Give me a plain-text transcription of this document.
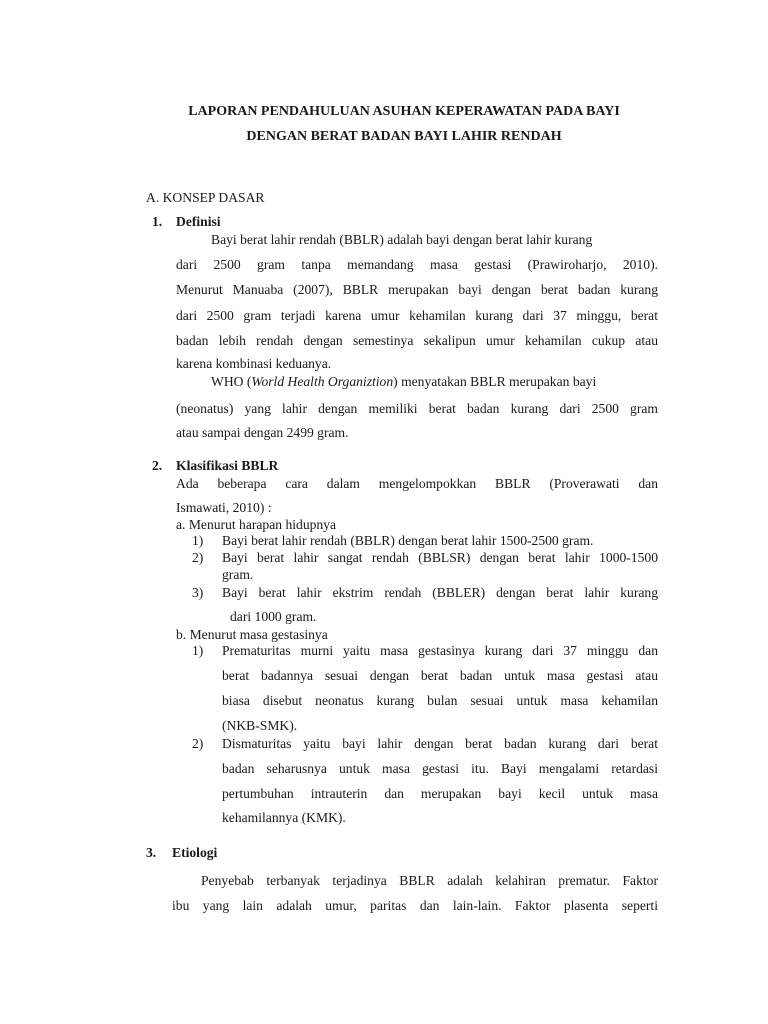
LAPORAN PENDAHULUAN ASUHAN KEPERAWATAN PADA BAYI
DENGAN BERAT BADAN BAYI LAHIR RENDAH
A. KONSEP DASAR
1. Definisi
Bayi berat lahir rendah (BBLR) adalah bayi dengan berat lahir kurang
dari 2500 gram tanpa memandang masa gestasi (Prawiroharjo, 2010).
Menurut Manuaba (2007), BBLR merupakan bayi dengan berat badan kurang
dari 2500 gram terjadi karena umur kehamilan kurang dari 37 minggu, berat
badan lebih rendah dengan semestinya sekalipun umur kehamilan cukup atau
karena kombinasi keduanya.
WHO (World Health Organiztion) menyatakan BBLR merupakan bayi
(neonatus) yang lahir dengan memiliki berat badan kurang dari 2500 gram
atau sampai dengan 2499 gram.
2. Klasifikasi BBLR
Ada beberapa cara dalam mengelompokkan BBLR (Proverawati dan
Ismawati, 2010) :
a. Menurut harapan hidupnya
1) Bayi berat lahir rendah (BBLR) dengan berat lahir 1500-2500 gram.
2) Bayi berat lahir sangat rendah (BBLSR) dengan berat lahir 1000-1500
gram.
3) Bayi berat lahir ekstrim rendah (BBLER) dengan berat lahir kurang
dari 1000 gram.
b. Menurut masa gestasinya
1) Prematuritas murni yaitu masa gestasinya kurang dari 37 minggu dan
berat badannya sesuai dengan berat badan untuk masa gestasi atau
biasa disebut neonatus kurang bulan sesuai untuk masa kehamilan
(NKB-SMK).
2) Dismaturitas yaitu bayi lahir dengan berat badan kurang dari berat
badan seharusnya untuk masa gestasi itu. Bayi mengalami retardasi
pertumbuhan intrauterin dan merupakan bayi kecil untuk masa
kehamilannya (KMK).
3. Etiologi
Penyebab terbanyak terjadinya BBLR adalah kelahiran prematur. Faktor
ibu yang lain adalah umur, paritas dan lain-lain. Faktor plasenta seperti
